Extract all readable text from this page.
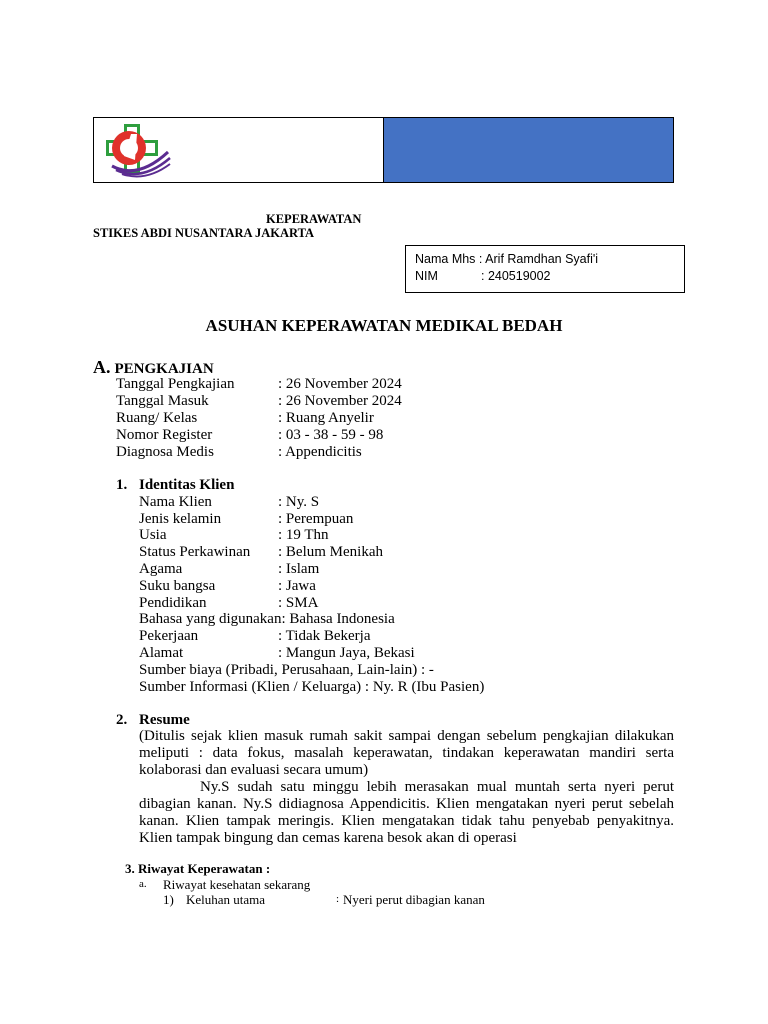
KEPERAWATAN
STIKES ABDI NUSANTARA JAKARTA
Nama Mhs : Arif Ramdhan Syafi'i
NIM	: 240519002
ASUHAN KEPERAWATAN MEDIKAL BEDAH
A. PENGKAJIAN
Tanggal Pengkajian	: 26 November 2024
Tanggal Masuk	: 26 November 2024
Ruang/ Kelas	: Ruang Anyelir
Nomor Register	: 03 - 38 - 59 - 98
Diagnosa Medis	: Appendicitis
1. Identitas Klien
Nama Klien	: Ny. S
Jenis kelamin	: Perempuan
Usia	: 19 Thn
Status Perkawinan : Belum Menikah
Agama	: Islam
Suku bangsa	: Jawa
Pendidikan	: SMA
Bahasa yang digunakan: Bahasa Indonesia
Pekerjaan	: Tidak Bekerja
Alamat	: Mangun Jaya, Bekasi
Sumber biaya (Pribadi, Perusahaan, Lain-lain) : -
Sumber Informasi (Klien / Keluarga) : Ny. R (Ibu Pasien)
2. Resume
(Ditulis sejak klien masuk rumah sakit sampai dengan sebelum pengkajian dilakukan meliputi : data fokus, masalah keperawatan, tindakan keperawatan mandiri serta kolaborasi dan evaluasi secara umum)
Ny.S sudah satu minggu lebih merasakan mual muntah serta nyeri perut dibagian kanan. Ny.S didiagnosa Appendicitis. Klien mengatakan nyeri perut sebelah kanan. Klien tampak meringis. Klien mengatakan tidak tahu penyebab penyakitnya. Klien tampak bingung dan cemas karena besok akan di operasi
3. Riwayat Keperawatan :
a. Riwayat kesehatan sekarang
1) Keluhan utama	: Nyeri perut dibagian kanan
